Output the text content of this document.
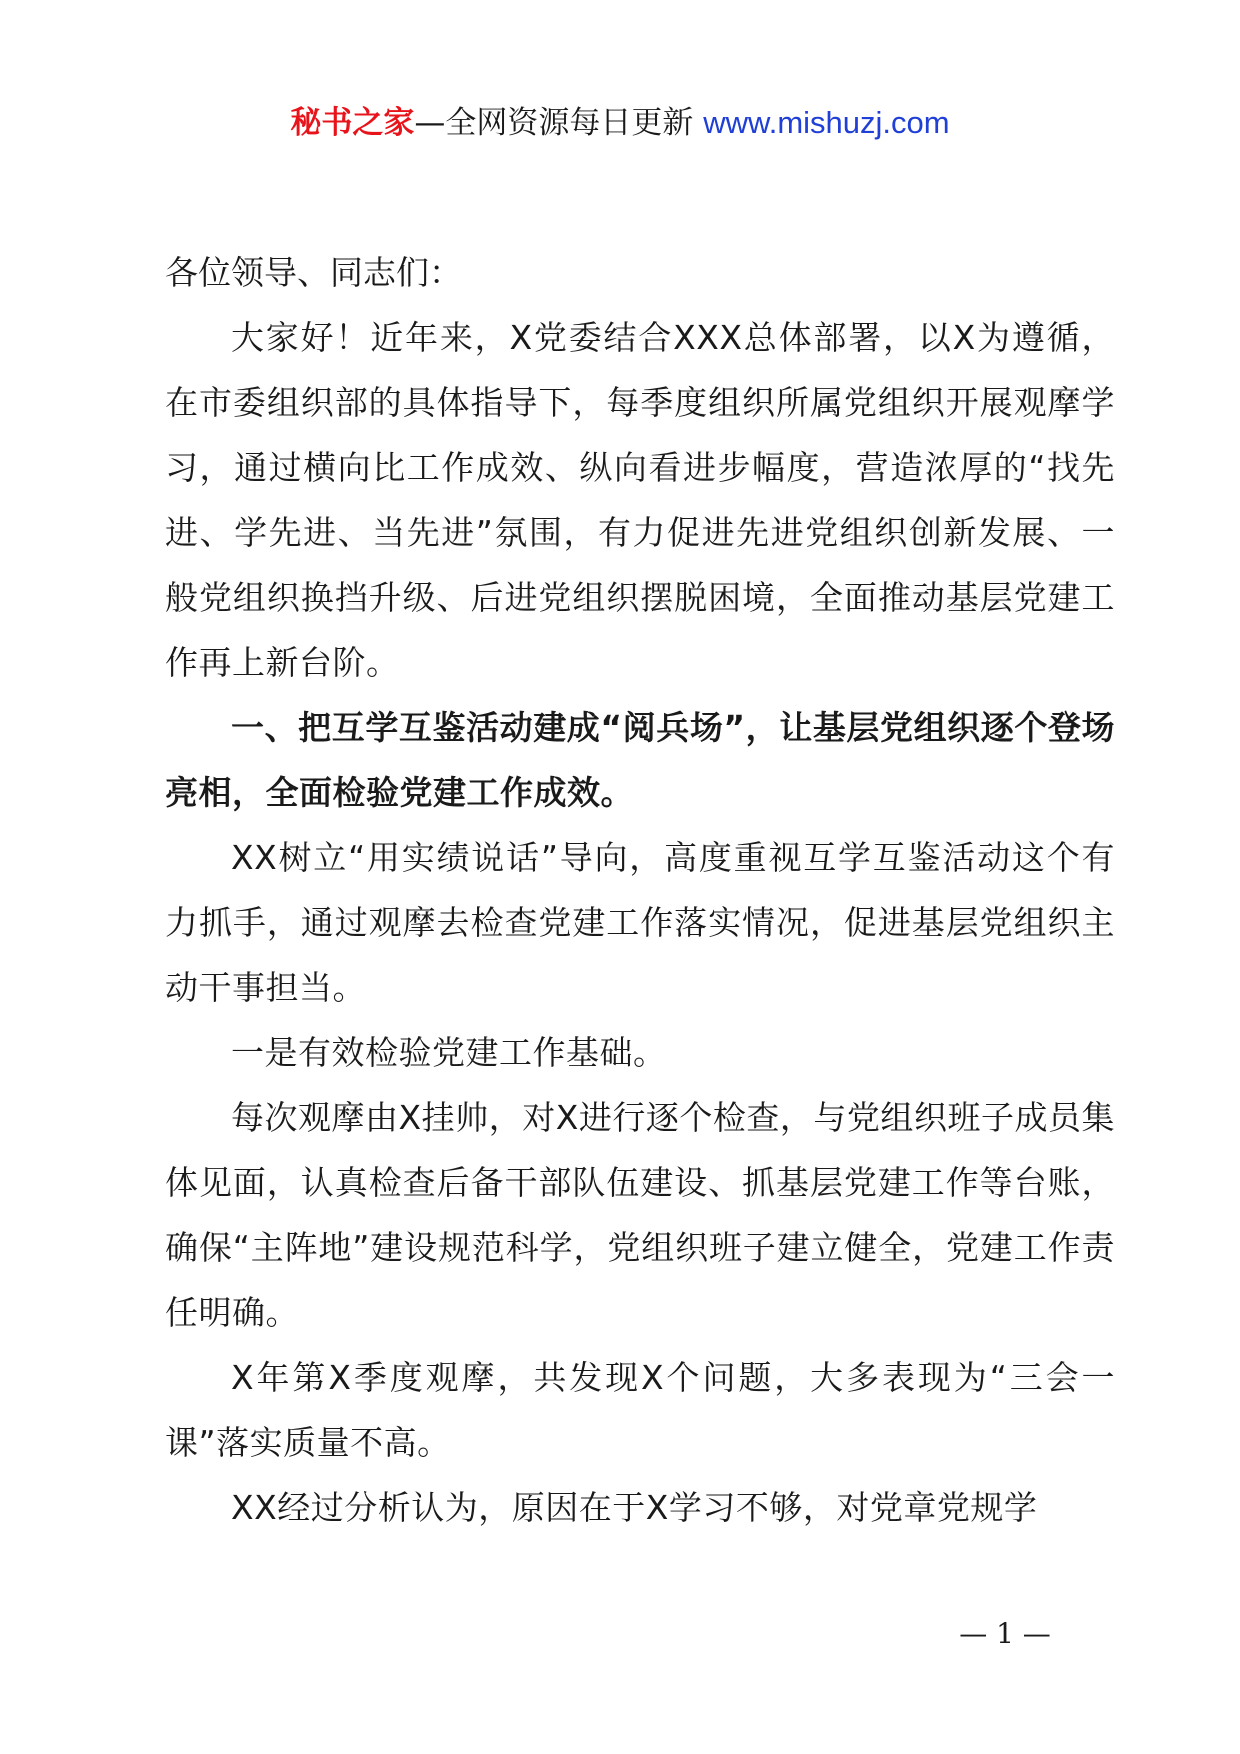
秘书之家—全网资源每日更新 www.mishuzj.com

各位领导、同志们：

大家好！近年来，X党委结合XXX总体部署，以X为遵循，在市委组织部的具体指导下，每季度组织所属党组织开展观摩学习，通过横向比工作成效、纵向看进步幅度，营造浓厚的“找先进、学先进、当先进”氛围，有力促进先进党组织创新发展、一般党组织换挡升级、后进党组织摆脱困境，全面推动基层党建工作再上新台阶。

一、把互学互鉴活动建成“阅兵场”，让基层党组织逐个登场亮相，全面检验党建工作成效。

XX树立“用实绩说话”导向，高度重视互学互鉴活动这个有力抓手，通过观摩去检查党建工作落实情况，促进基层党组织主动干事担当。

一是有效检验党建工作基础。

每次观摩由X挂帅，对X进行逐个检查，与党组织班子成员集体见面，认真检查后备干部队伍建设、抓基层党建工作等台账，确保“主阵地”建设规范科学，党组织班子建立健全，党建工作责任明确。

X年第X季度观摩，共发现X个问题，大多表现为“三会一课”落实质量不高。

XX经过分析认为，原因在于X学习不够，对党章党规学

— 1 —
